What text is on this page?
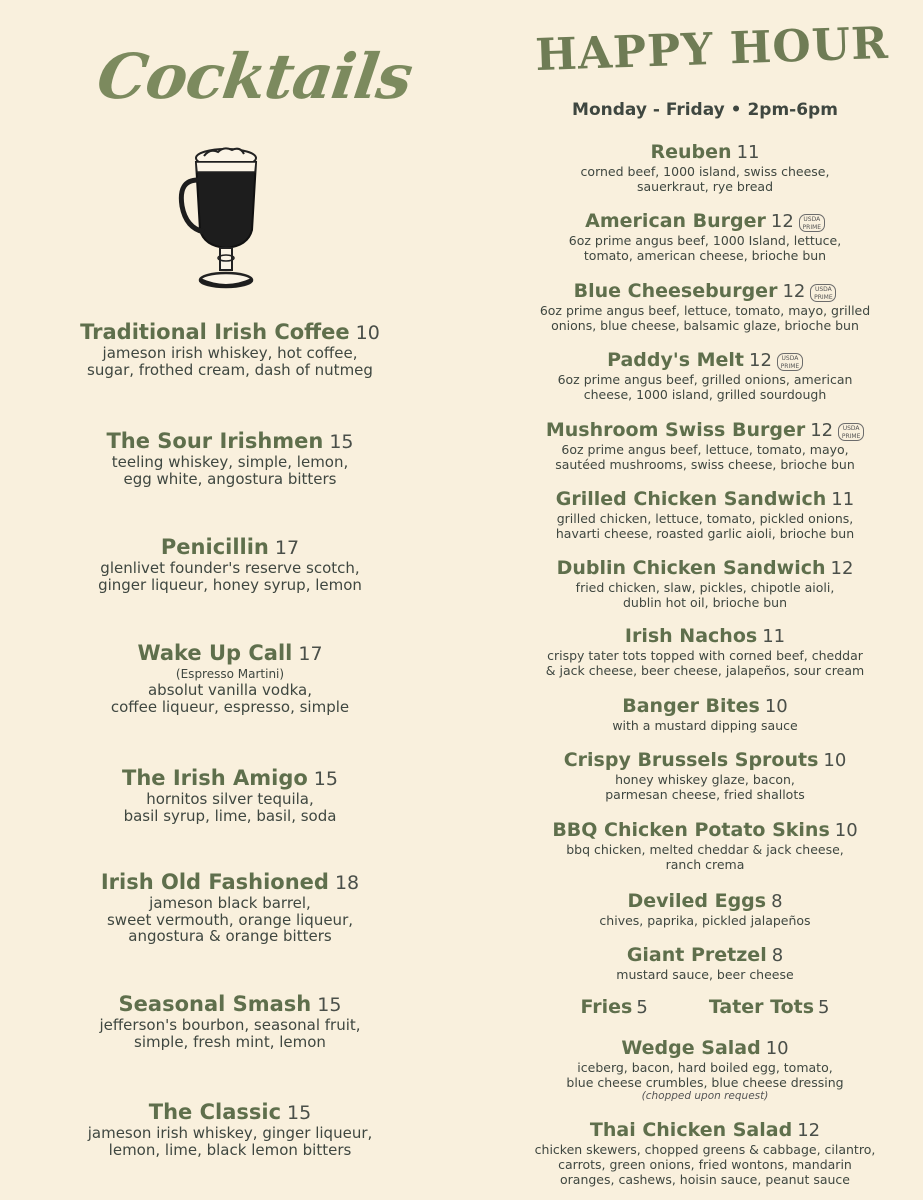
Cocktails
Traditional Irish Coffee 10
jameson irish whiskey, hot coffee,
sugar, frothed cream, dash of nutmeg
The Sour Irishmen 15
teeling whiskey, simple, lemon,
egg white, angostura bitters
Penicillin 17
glenlivet founder's reserve scotch,
ginger liqueur, honey syrup, lemon
Wake Up Call 17
(Espresso Martini)
absolut vanilla vodka,
coffee liqueur, espresso, simple
The Irish Amigo 15
hornitos silver tequila,
basil syrup, lime, basil, soda
Irish Old Fashioned 18
jameson black barrel,
sweet vermouth, orange liqueur,
angostura & orange bitters
Seasonal Smash 15
jefferson's bourbon, seasonal fruit,
simple, fresh mint, lemon
The Classic 15
jameson irish whiskey, ginger liqueur,
lemon, lime, black lemon bitters
HAPPY HOUR
Monday - Friday • 2pm-6pm
Reuben 11
corned beef, 1000 island, swiss cheese,
sauerkraut, rye bread
American Burger 12 USDA PRIME
6oz prime angus beef, 1000 Island, lettuce,
tomato, american cheese, brioche bun
Blue Cheeseburger 12 USDA PRIME
6oz prime angus beef, lettuce, tomato, mayo, grilled
onions, blue cheese, balsamic glaze, brioche bun
Paddy's Melt 12 USDA PRIME
6oz prime angus beef, grilled onions, american
cheese, 1000 island, grilled sourdough
Mushroom Swiss Burger 12 USDA PRIME
6oz prime angus beef, lettuce, tomato, mayo,
sautéed mushrooms, swiss cheese, brioche bun
Grilled Chicken Sandwich 11
grilled chicken, lettuce, tomato, pickled onions,
havarti cheese, roasted garlic aioli, brioche bun
Dublin Chicken Sandwich 12
fried chicken, slaw, pickles, chipotle aioli,
dublin hot oil, brioche bun
Irish Nachos 11
crispy tater tots topped with corned beef, cheddar
& jack cheese, beer cheese, jalapeños, sour cream
Banger Bites 10
with a mustard dipping sauce
Crispy Brussels Sprouts 10
honey whiskey glaze, bacon,
parmesan cheese, fried shallots
BBQ Chicken Potato Skins 10
bbq chicken, melted cheddar & jack cheese,
ranch crema
Deviled Eggs 8
chives, paprika, pickled jalapeños
Giant Pretzel 8
mustard sauce, beer cheese
Fries 5	Tater Tots 5
Wedge Salad 10
iceberg, bacon, hard boiled egg, tomato,
blue cheese crumbles, blue cheese dressing
(chopped upon request)
Thai Chicken Salad 12
chicken skewers, chopped greens & cabbage, cilantro,
carrots, green onions, fried wontons, mandarin
oranges, cashews, hoisin sauce, peanut sauce
